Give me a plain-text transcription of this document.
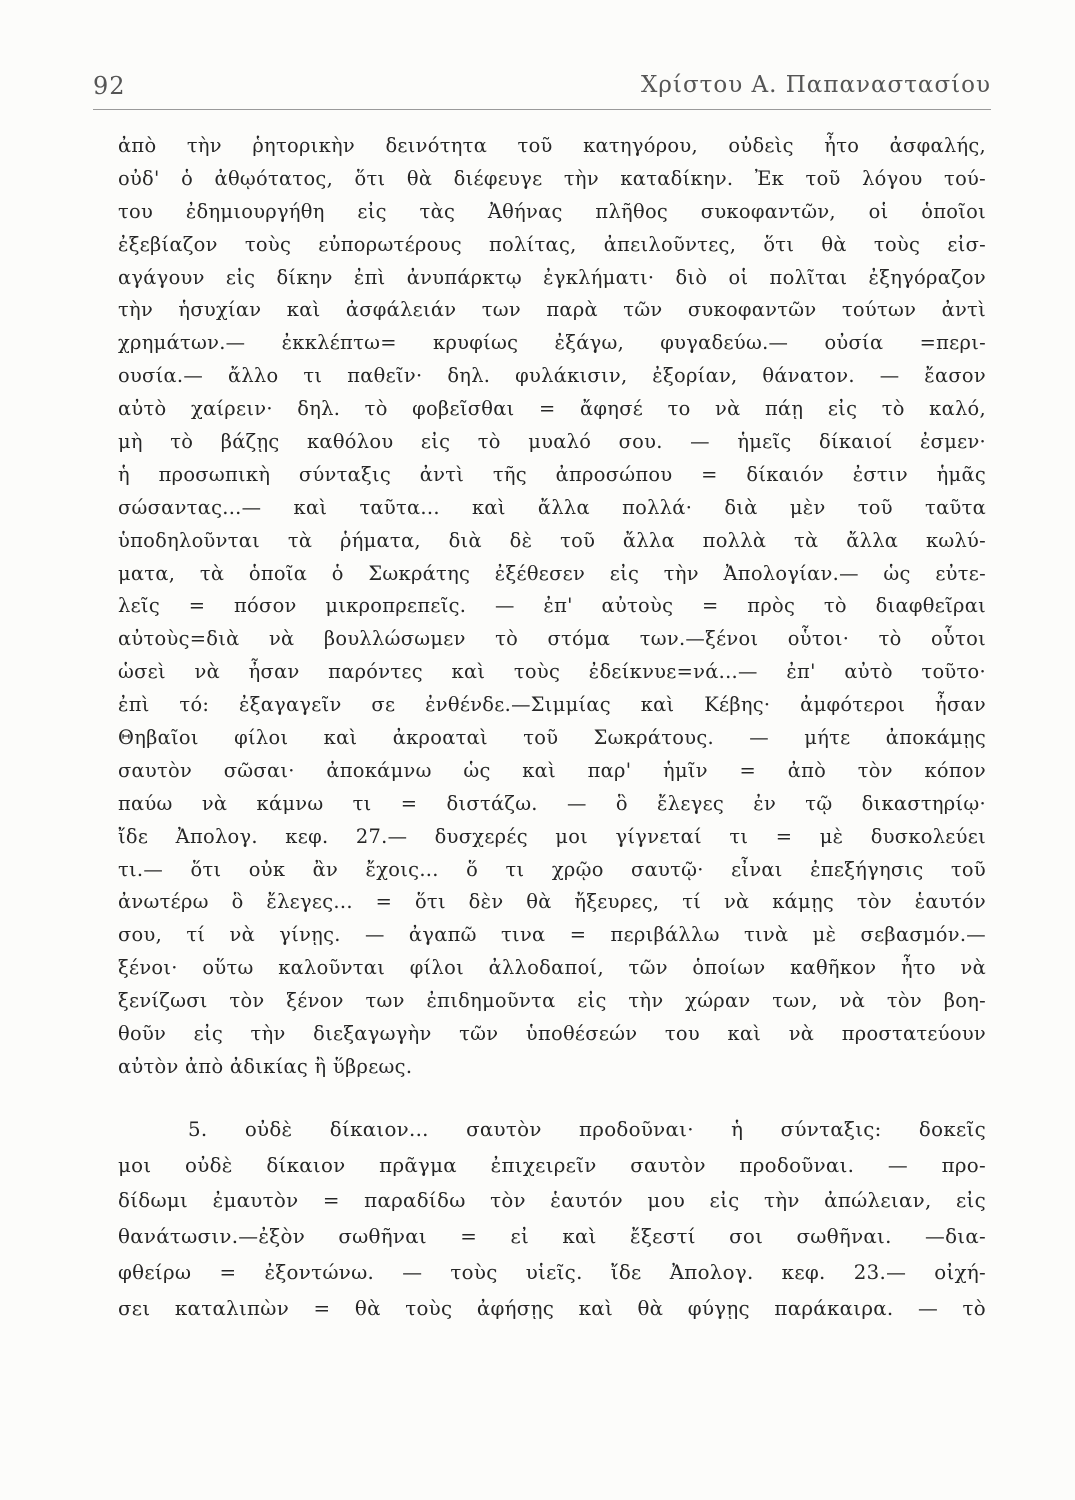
92	Χρίστου Α. Παπαναστασίου
ἀπὸ τὴν ῥητορικὴν δεινότητα τοῦ κατηγόρου, οὐδεὶς ἦτο ἀσφαλής,
οὐδ' ὁ ἀθῳότατος, ὅτι θὰ διέφευγε τὴν καταδίκην. Ἐκ τοῦ λόγου τού-
του ἐδημιουργήθη εἰς τὰς Ἀθήνας πλῆθος συκοφαντῶν, οἱ ὁποῖοι
ἐξεβίαζον τοὺς εὐπορωτέρους πολίτας, ἀπειλοῦντες, ὅτι θὰ τοὺς εἰσ-
αγάγουν εἰς δίκην ἐπὶ ἀνυπάρκτῳ ἐγκλήματι· διὸ οἱ πολῖται ἐξηγόραζον
τὴν ἡσυχίαν καὶ ἀσφάλειάν των παρὰ τῶν συκοφαντῶν τούτων ἀντὶ
χρημάτων.— ἐκκλέπτω= κρυφίως ἐξάγω, φυγαδεύω.— οὐσία =περι-
ουσία.— ἄλλο τι παθεῖν· δηλ. φυλάκισιν, ἐξορίαν, θάνατον. — ἔασον
αὐτὸ χαίρειν· δηλ. τὸ φοβεῖσθαι = ἄφησέ το νὰ πάῃ εἰς τὸ καλό,
μὴ τὸ βάζῃς καθόλου εἰς τὸ μυαλό σου. — ἡμεῖς δίκαιοί ἐσμεν·
ἡ προσωπικὴ σύνταξις ἀντὶ τῆς ἀπροσώπου = δίκαιόν ἐστιν ἡμᾶς
σώσαντας...— καὶ ταῦτα... καὶ ἄλλα πολλά· διὰ μὲν τοῦ ταῦτα
ὑποδηλοῦνται τὰ ῥήματα, διὰ δὲ τοῦ ἄλλα πολλὰ τὰ ἄλλα κωλύ-
ματα, τὰ ὁποῖα ὁ Σωκράτης ἐξέθεσεν εἰς τὴν Ἀπολογίαν.— ὡς εὐτε-
λεῖς = πόσον μικροπρεπεῖς. — ἐπ' αὐτοὺς = πρὸς τὸ διαφθεῖραι
αὐτοὺς=διὰ νὰ βουλλώσωμεν τὸ στόμα των.—ξένοι οὗτοι· τὸ οὗτοι
ὡσεὶ νὰ ἦσαν παρόντες καὶ τοὺς ἐδείκνυε=νά...— ἐπ' αὐτὸ τοῦτο·
ἐπὶ τό: ἐξαγαγεῖν σε ἐνθένδε.—Σιμμίας καὶ Κέβης· ἀμφότεροι ἦσαν
Θηβαῖοι φίλοι καὶ ἀκροαταὶ τοῦ Σωκράτους. — μήτε ἀποκάμῃς
σαυτὸν σῶσαι· ἀποκάμνω ὡς καὶ παρ' ἡμῖν = ἀπὸ τὸν κόπον
παύω νὰ κάμνω τι = διστάζω. — ὃ ἔλεγες ἐν τῷ δικαστηρίῳ·
ἴδε Ἀπολογ. κεφ. 27.— δυσχερές μοι γίγνεταί τι = μὲ δυσκολεύει
τι.— ὅτι οὐκ ἂν ἔχοις... ὅ τι χρῷο σαυτῷ· εἶναι ἐπεξήγησις τοῦ
ἀνωτέρω ὃ ἔλεγες... = ὅτι δὲν θὰ ἤξευρες, τί νὰ κάμῃς τὸν ἑαυτόν
σου, τί νὰ γίνῃς. — ἀγαπῶ τινα = περιβάλλω τινὰ μὲ σεβασμόν.—
ξένοι· οὕτω καλοῦνται φίλοι ἀλλοδαποί, τῶν ὁποίων καθῆκον ἦτο νὰ
ξενίζωσι τὸν ξένον των ἐπιδημοῦντα εἰς τὴν χώραν των, νὰ τὸν βοη-
θοῦν εἰς τὴν διεξαγωγὴν τῶν ὑποθέσεών του καὶ νὰ προστατεύουν
αὐτὸν ἀπὸ ἀδικίας ἢ ὕβρεως.
5. οὐδὲ δίκαιον... σαυτὸν προδοῦναι· ἡ σύνταξις: δοκεῖς
μοι οὐδὲ δίκαιον πρᾶγμα ἐπιχειρεῖν σαυτὸν προδοῦναι. — προ-
δίδωμι ἐμαυτὸν = παραδίδω τὸν ἑαυτόν μου εἰς τὴν ἀπώλειαν, εἰς
θανάτωσιν.—ἐξὸν σωθῆναι = εἰ καὶ ἔξεστί σοι σωθῆναι. —δια-
φθείρω = ἐξοντώνω. — τοὺς υἱεῖς. ἴδε Ἀπολογ. κεφ. 23.— οἰχή-
σει καταλιπὼν = θὰ τοὺς ἀφήσῃς καὶ θὰ φύγῃς παράκαιρα. — τὸ
